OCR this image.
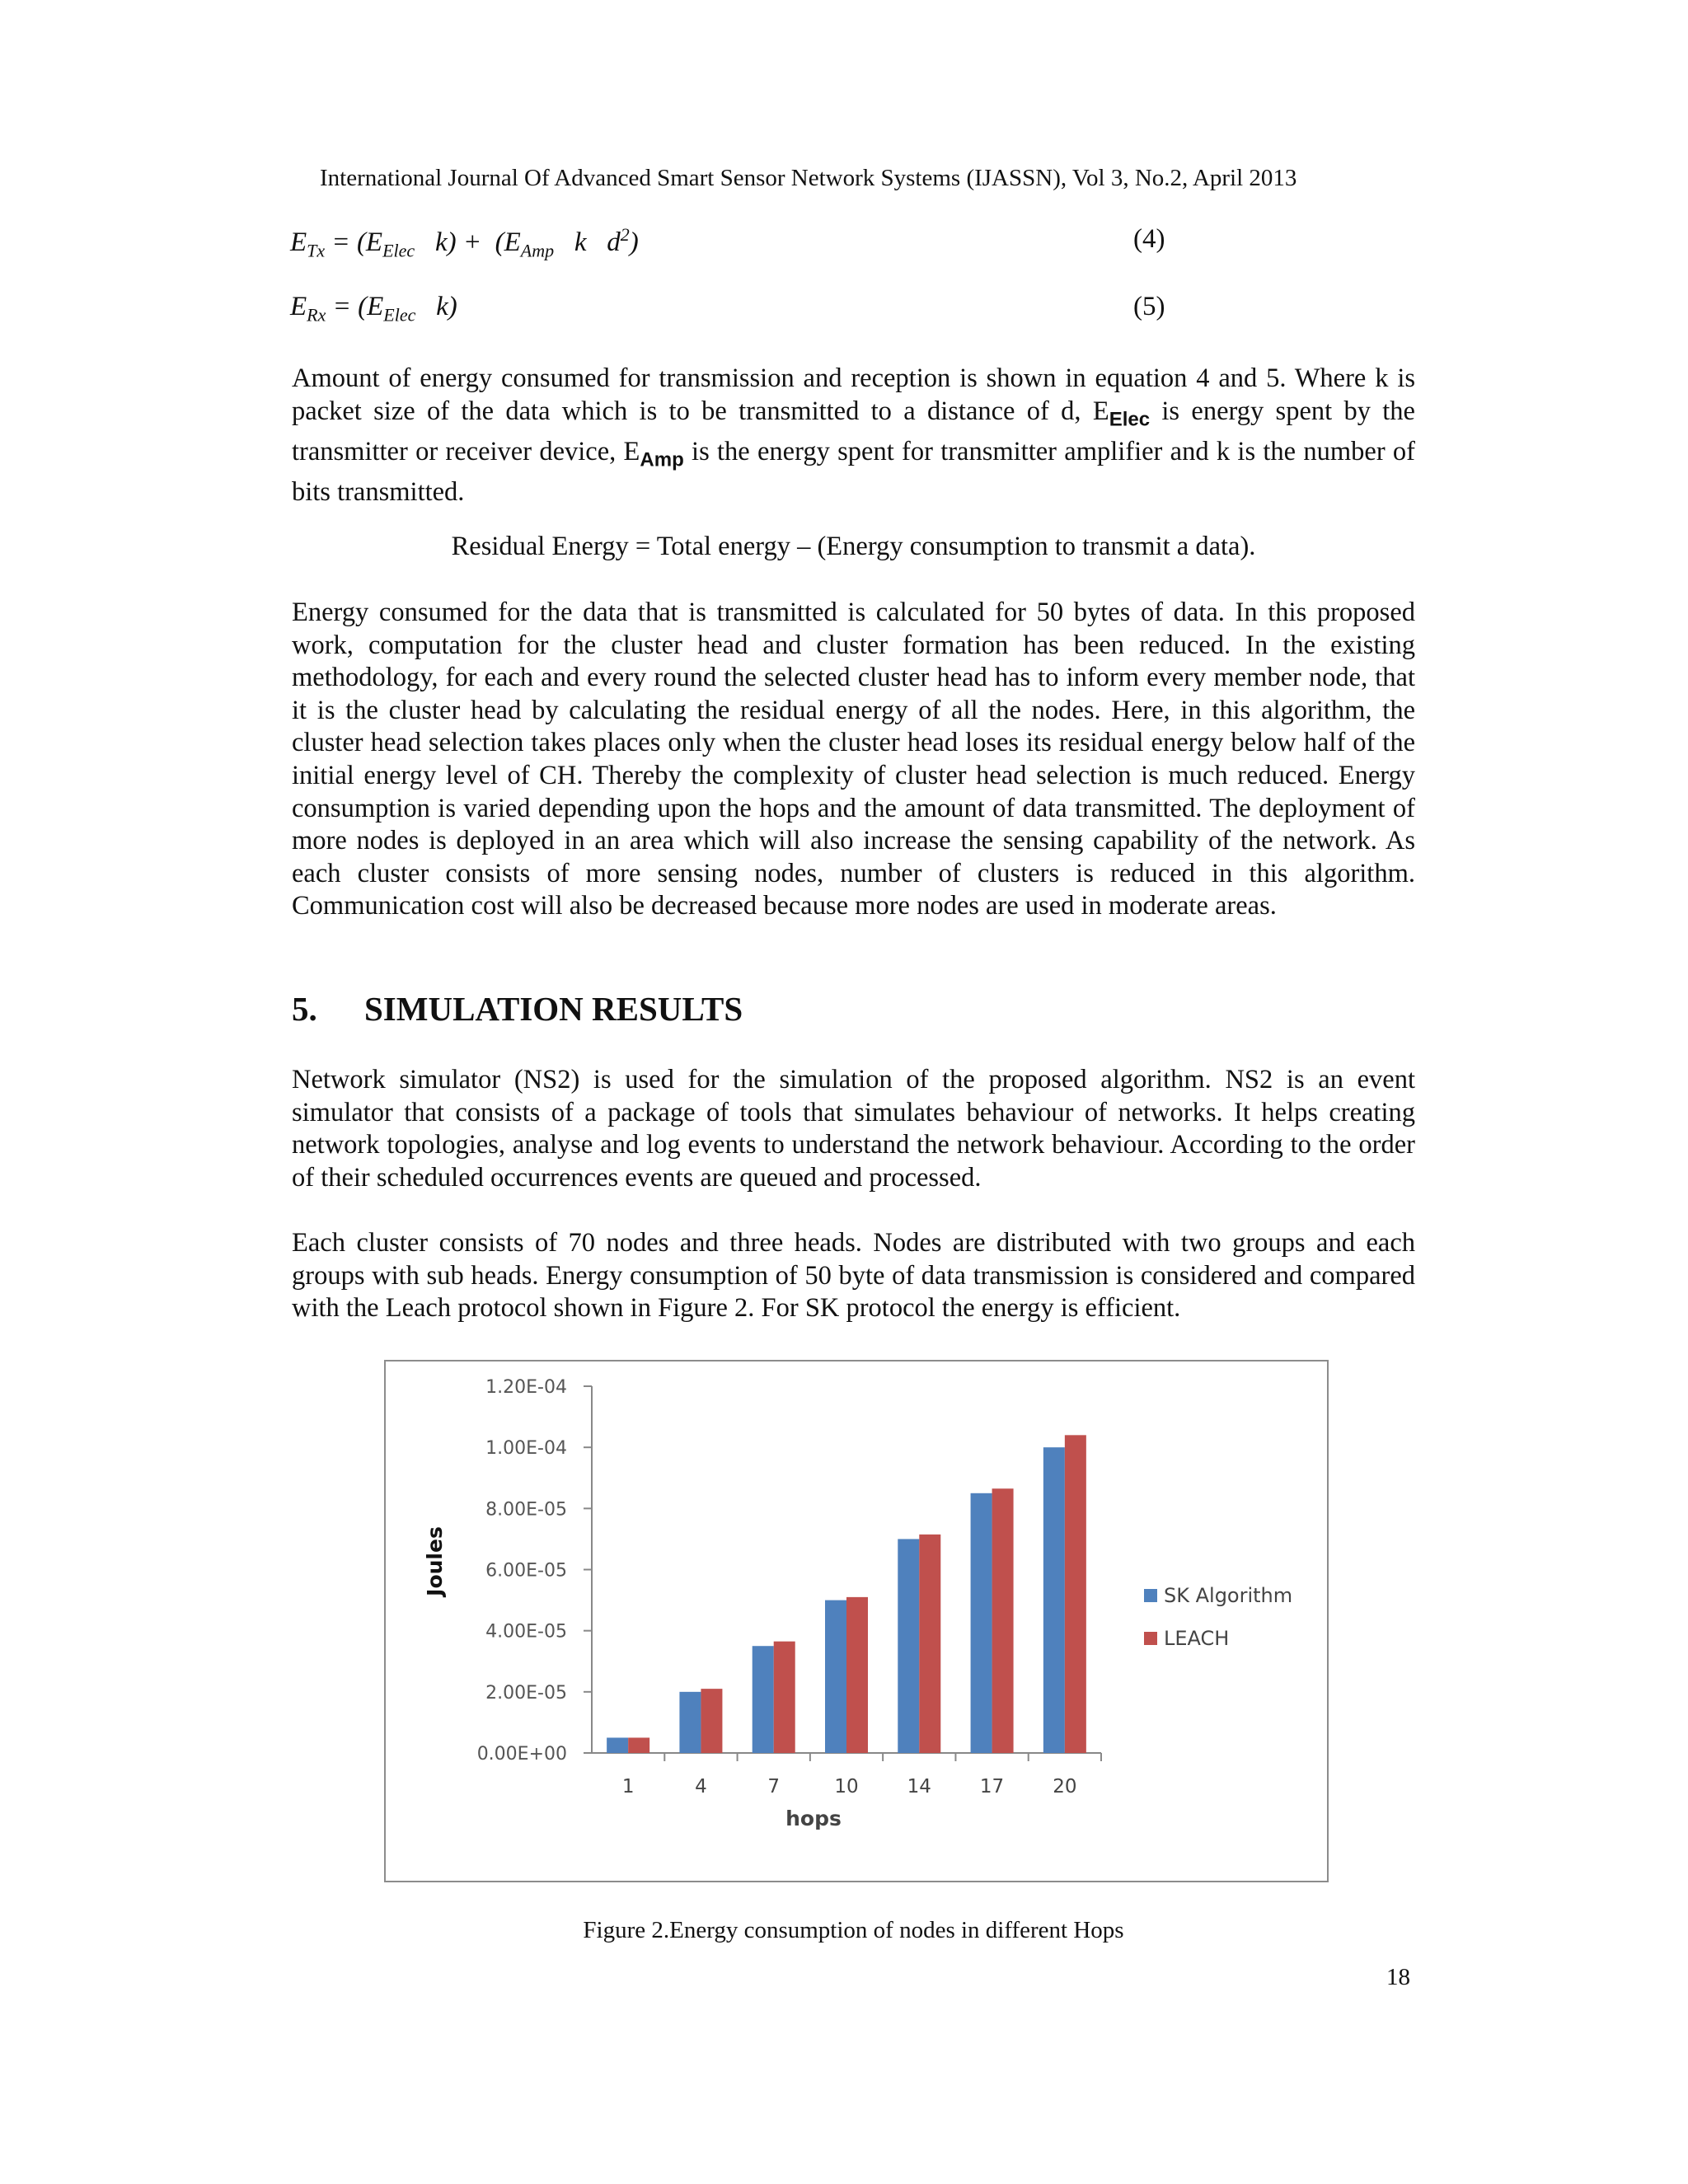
International Journal Of Advanced Smart Sensor Network Systems (IJASSN), Vol 3, No.2, April 2013
$E_{Tx} = (E_{Elec}$   $k) + (E_{Amp}$   k   $d^2$)	(4)
$E_{Rx} = (E_{Elec}$   k)	(5)

Amount of energy consumed for transmission and reception is shown in equation 4 and 5. Where k is packet size of the data which is to be transmitted to a distance of d, $E_{Elec}$ is energy spent by the transmitter or receiver device, $E_{Amp}$ is the energy spent for transmitter amplifier and k is the number of bits transmitted.

Residual Energy = Total energy – (Energy consumption to transmit a data).

Energy consumed for the data that is transmitted is calculated for 50 bytes of data. In this proposed work, computation for the cluster head and cluster formation has been reduced. In the existing methodology, for each and every round the selected cluster head has to inform every member node, that it is the cluster head by calculating the residual energy of all the nodes. Here, in this algorithm, the cluster head selection takes places only when the cluster head loses its residual energy below half of the initial energy level of CH. Thereby the complexity of cluster head selection is much reduced. Energy consumption is varied depending upon the hops and the amount of data transmitted. The deployment of more nodes is deployed in an area which will also increase the sensing capability of the network. As each cluster consists of more sensing nodes, number of clusters is reduced in this algorithm. Communication cost will also be decreased because more nodes are used in moderate areas.

5. SIMULATION RESULTS

Network simulator (NS2) is used for the simulation of the proposed algorithm. NS2 is an event simulator that consists of a package of tools that simulates behaviour of networks. It helps creating network topologies, analyse and log events to understand the network behaviour. According to the order of their scheduled occurrences events are queued and processed.

Each cluster consists of 70 nodes and three heads. Nodes are distributed with two groups and each groups with sub heads. Energy consumption of 50 byte of data transmission is considered and compared with the Leach protocol shown in Figure 2. For SK protocol the energy is efficient.

0.00E+00
2.00E-05
4.00E-05
6.00E-05
8.00E-05
1.00E-04
1.20E-04
1	4	7	10	14	17	20
hops
Joules	SK Algorithm
LEACH
Figure 2.Energy consumption of nodes in different Hops
18
